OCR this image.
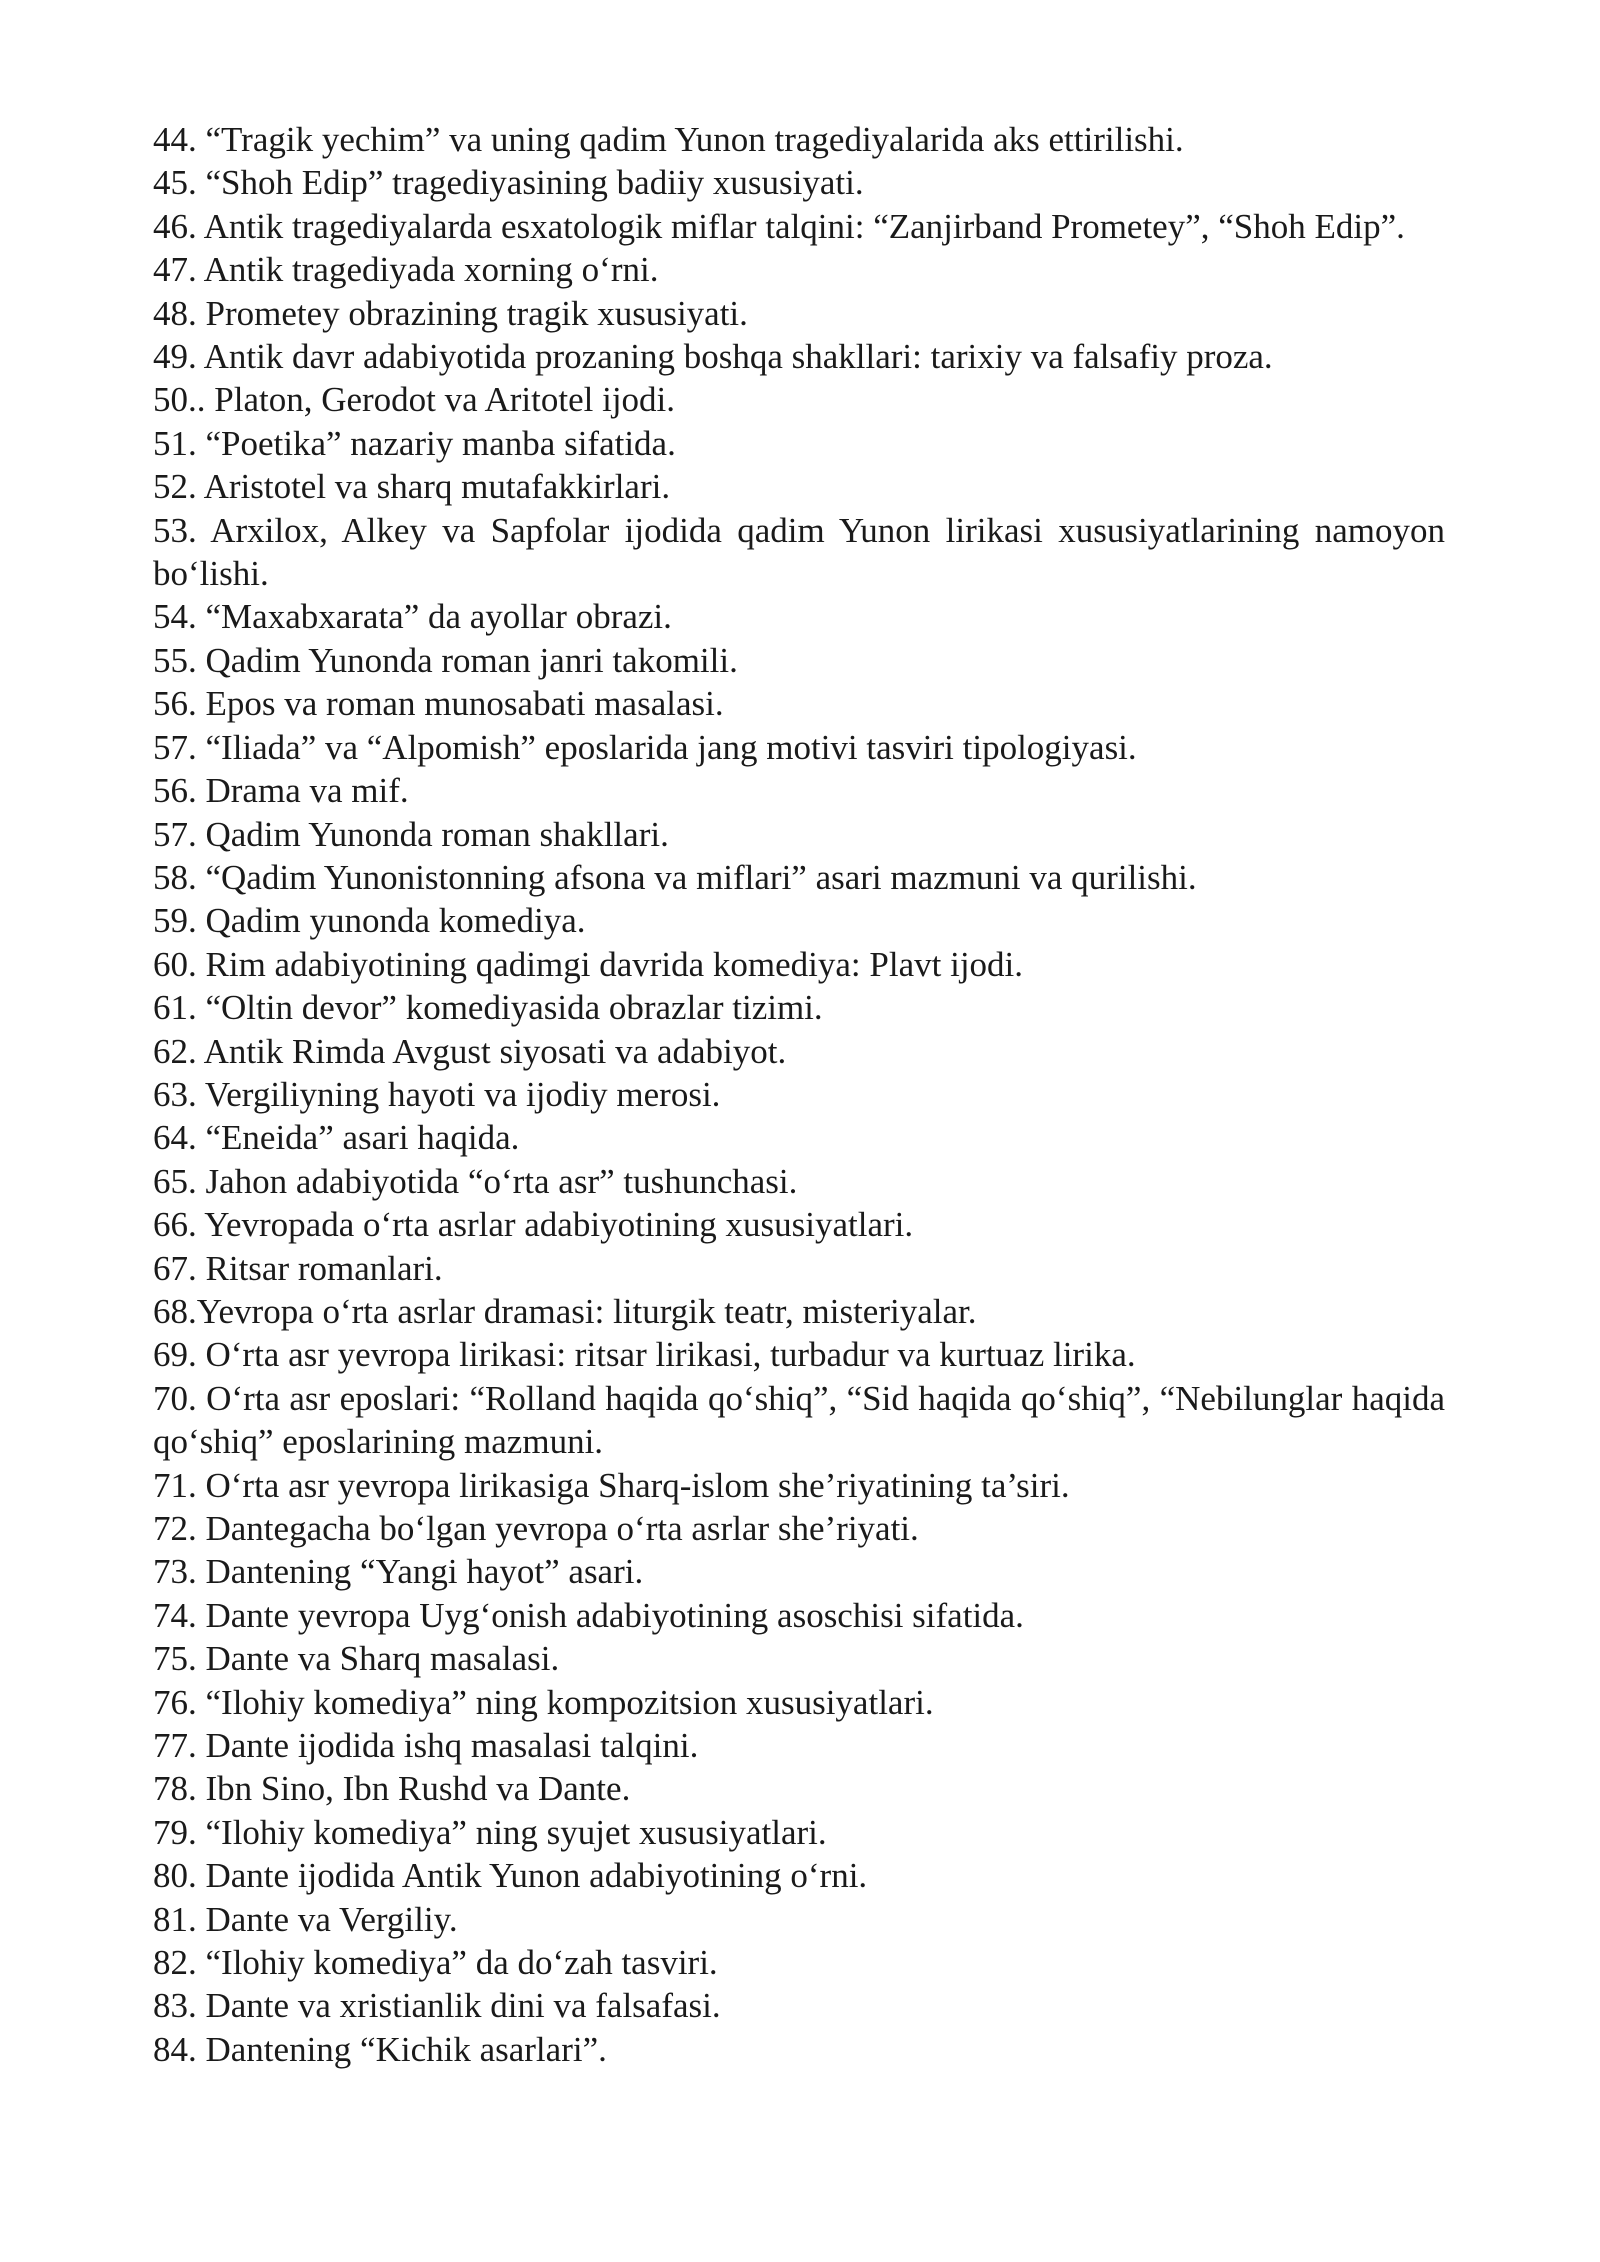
44. “Tragik yechim” va uning qadim Yunon tragediyalarida aks ettirilishi.

45. “Shoh Edip” tragediyasining badiiy xususiyati.

46. Antik tragediyalarda esxatologik miflar talqini: “Zanjirband Prometey”, “Shoh Edip”.

47. Antik tragediyada xorning o‘rni.

48. Prometey obrazining tragik xususiyati.

49. Antik davr adabiyotida prozaning boshqa shakllari: tarixiy va falsafiy proza.

50.. Platon, Gerodot va Aritotel ijodi.

51. “Poetika” nazariy manba sifatida.

52. Aristotel va sharq mutafakkirlari.

53. Arxilox, Alkey va Sapfolar ijodida qadim Yunon lirikasi xususiyatlarining namoyon bo‘lishi.

54. “Maxabxarata” da ayollar obrazi.

55. Qadim Yunonda roman janri takomili.

56. Epos va roman munosabati masalasi.

57. “Iliada” va “Alpomish” eposlarida jang motivi tasviri tipologiyasi.

56. Drama va mif.

57. Qadim Yunonda roman shakllari.

58. “Qadim Yunonistonning afsona va miflari” asari mazmuni va qurilishi.

59. Qadim yunonda komediya.

60. Rim adabiyotining qadimgi davrida komediya: Plavt ijodi.

61. “Oltin devor” komediyasida obrazlar tizimi.

62. Antik Rimda Avgust siyosati va adabiyot.

63. Vergiliyning hayoti va ijodiy merosi.

64. “Eneida” asari haqida.

65. Jahon adabiyotida “o‘rta asr” tushunchasi.

66. Yevropada o‘rta asrlar adabiyotining xususiyatlari.

67. Ritsar romanlari.

68.Yevropa o‘rta asrlar dramasi: liturgik teatr, misteriyalar.

69. O‘rta asr yevropa lirikasi: ritsar lirikasi, turbadur va kurtuaz lirika.

70. O‘rta asr eposlari: “Rolland haqida qo‘shiq”, “Sid haqida qo‘shiq”, “Nebilunglar haqida qo‘shiq” eposlarining mazmuni.

71. O‘rta asr yevropa lirikasiga Sharq-islom she’riyatining ta’siri.

72. Dantegacha bo‘lgan yevropa o‘rta asrlar she’riyati.

73. Dantening “Yangi hayot” asari.

74. Dante yevropa Uyg‘onish adabiyotining asoschisi sifatida.

75. Dante va Sharq masalasi.

76. “Ilohiy komediya” ning kompozitsion xususiyatlari.

77. Dante ijodida ishq masalasi talqini.

78. Ibn Sino, Ibn Rushd va Dante.

79. “Ilohiy komediya” ning syujet xususiyatlari.

80. Dante ijodida Antik Yunon adabiyotining o‘rni.

81. Dante va Vergiliy.

82. “Ilohiy komediya” da do‘zah tasviri.

83. Dante va xristianlik dini va falsafasi.

84. Dantening “Kichik asarlari”.
